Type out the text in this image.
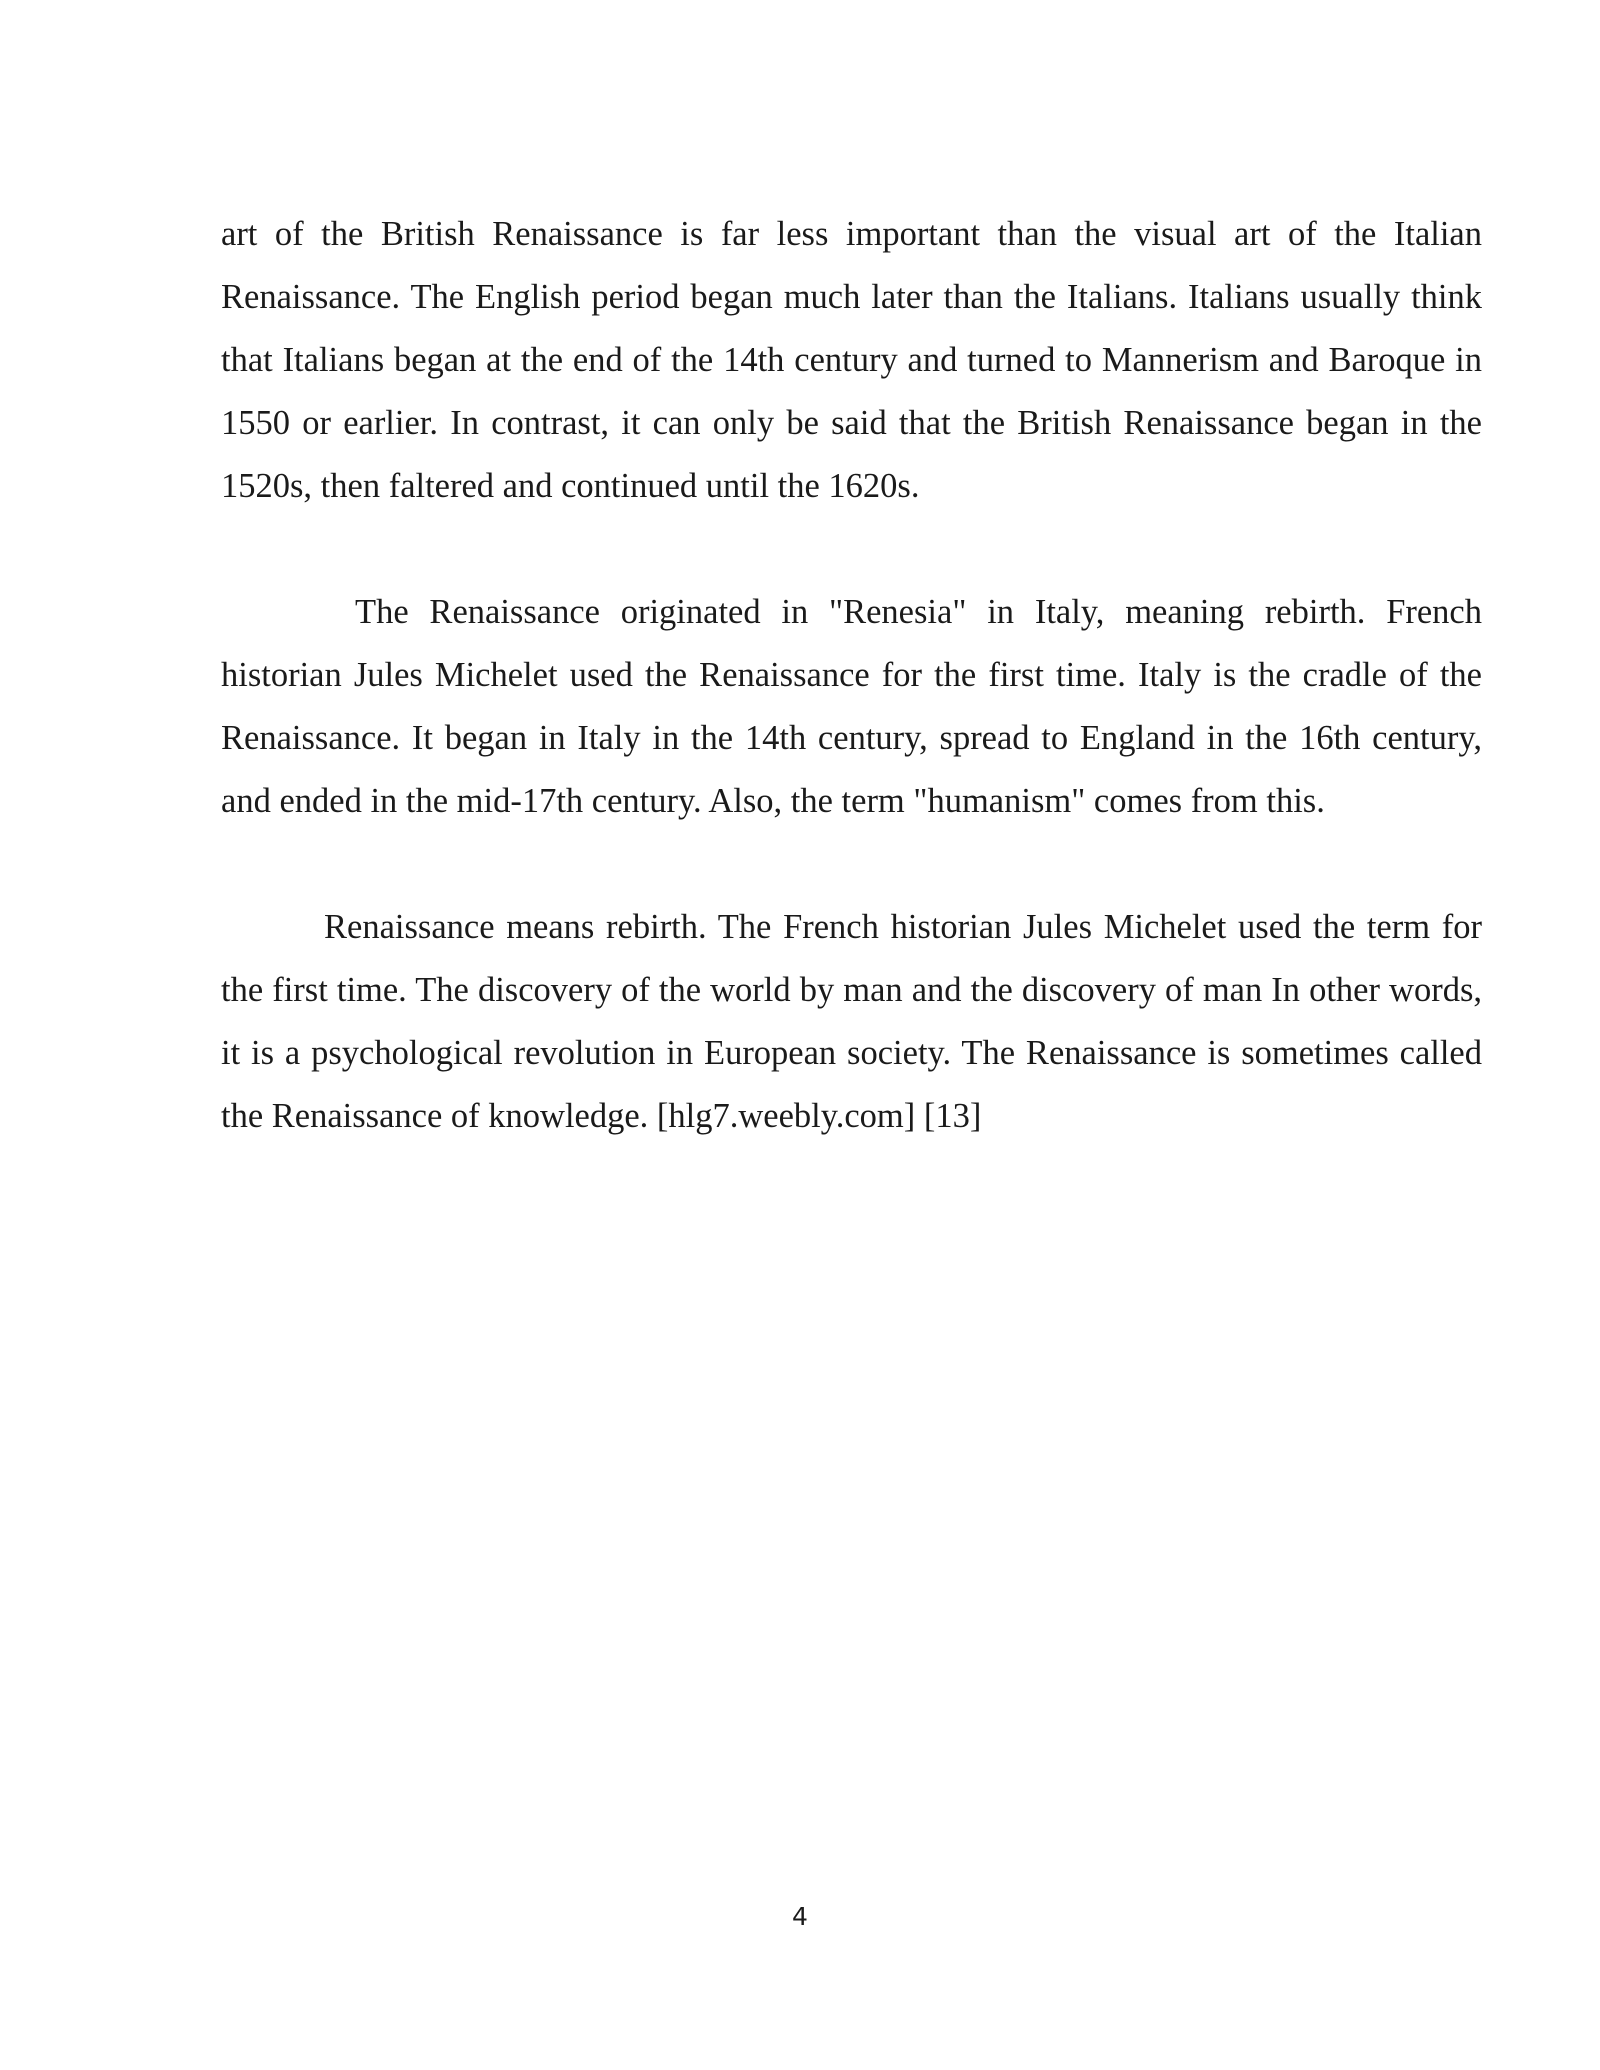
art of the British Renaissance is far less important than the visual art of the Italian Renaissance. The English period began much later than the Italians. Italians usually think that Italians began at the end of the 14th century and turned to Mannerism and Baroque in 1550 or earlier. In contrast, it can only be said that the British Renaissance began in the 1520s, then faltered and continued until the 1620s.

The Renaissance originated in "Renesia" in Italy, meaning rebirth. French historian Jules Michelet used the Renaissance for the first time. Italy is the cradle of the Renaissance. It began in Italy in the 14th century, spread to England in the 16th century, and ended in the mid-17th century. Also, the term "humanism" comes from this.

Renaissance means rebirth. The French historian Jules Michelet used the term for the first time. The discovery of the world by man and the discovery of man In other words, it is a psychological revolution in European society. The Renaissance is sometimes called the Renaissance of knowledge. [hlg7.weebly.com] [13]

4
